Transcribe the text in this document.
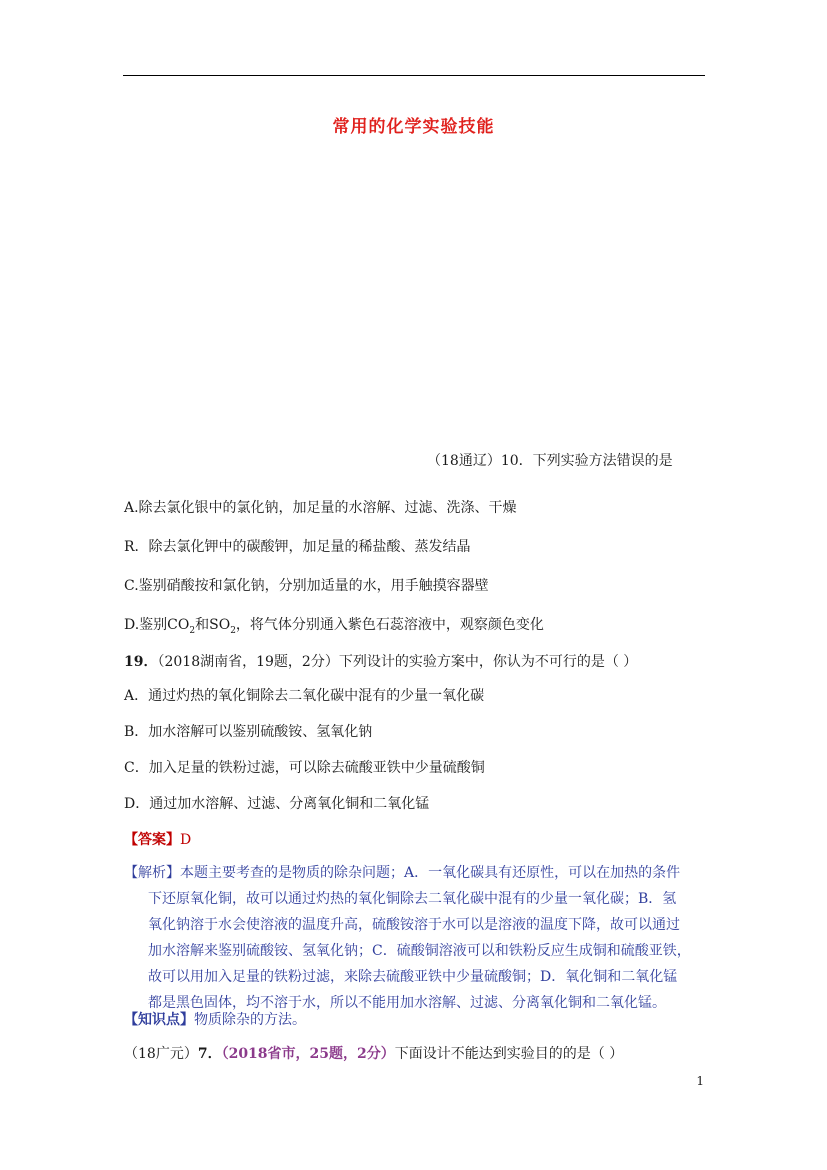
常用的化学实验技能
（18通辽）10．下列实验方法错误的是
A.除去氯化银中的氯化钠，加足量的水溶解、过滤、洗涤、干燥
R．除去氯化钾中的碳酸钾，加足量的稀盐酸、蒸发结晶
C.鉴别硝酸按和氯化钠，分别加适量的水，用手触摸容器壁
D.鉴别$CO_2$和$SO_2$，将气体分别通入紫色石蕊溶液中，观察颜色变化
19．（2018湖南省，19题，2分）下列设计的实验方案中，你认为不可行的是（ ）
A．通过灼热的氧化铜除去二氧化碳中混有的少量一氧化碳
B．加水溶解可以鉴别硫酸铵、氢氧化钠
C．加入足量的铁粉过滤，可以除去硫酸亚铁中少量硫酸铜
D．通过加水溶解、过滤、分离氧化铜和二氧化锰
【答案】D
【解析】本题主要考查的是物质的除杂问题；A．一氧化碳具有还原性，可以在加热的条件
下还原氧化铜，故可以通过灼热的氧化铜除去二氧化碳中混有的少量一氧化碳；B．氢
氧化钠溶于水会使溶液的温度升高，硫酸铵溶于水可以是溶液的温度下降，故可以通过
加水溶解来鉴别硫酸铵、氢氧化钠；C．硫酸铜溶液可以和铁粉反应生成铜和硫酸亚铁，
故可以用加入足量的铁粉过滤，来除去硫酸亚铁中少量硫酸铜；D．氧化铜和二氧化锰
都是黑色固体，均不溶于水，所以不能用加水溶解、过滤、分离氧化铜和二氧化锰。
【知识点】物质除杂的方法。
（18广元）7．（2018省市，25题，2分）下面设计不能达到实验目的的是（ ）
1
